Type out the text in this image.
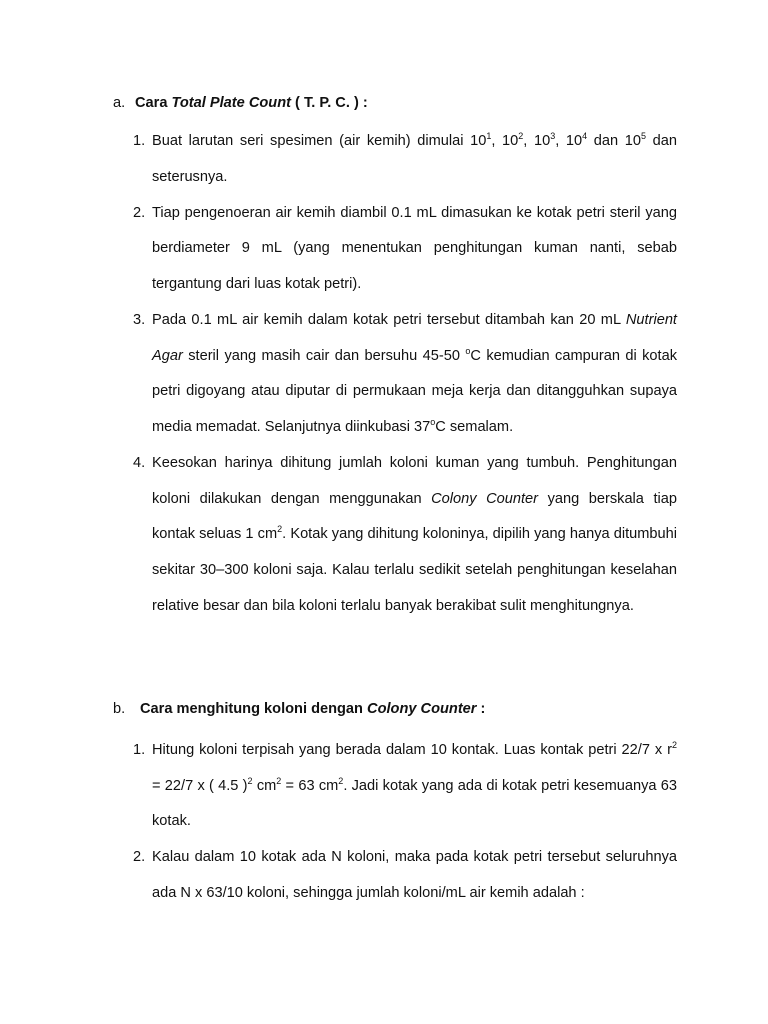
a. Cara Total Plate Count ( T. P. C. ) :
1. Buat larutan seri spesimen (air kemih) dimulai $10^1$, $10^2$, $10^3$, $10^4$ dan $10^5$ dan seterusnya.

2. Tiap pengenoeran air kemih diambil 0.1 mL dimasukan ke kotak petri steril yang berdiameter 9 mL (yang menentukan penghitungan kuman nanti, sebab tergantung dari luas kotak petri).

3. Pada 0.1 mL air kemih dalam kotak petri tersebut ditambah kan 20 mL Nutrient Agar steril yang masih cair dan bersuhu 45-50 $^o$C kemudian campuran di kotak petri digoyang atau diputar di permukaan meja kerja dan ditangguhkan supaya media memadat. Selanjutnya diinkubasi 37$^o$C semalam.

4. Keesokan harinya dihitung jumlah koloni kuman yang tumbuh. Penghitungan koloni dilakukan dengan menggunakan Colony Counter yang berskala tiap kontak seluas 1 $cm^2$. Kotak yang dihitung koloninya, dipilih yang hanya ditumbuhi sekitar 30–300 koloni saja. Kalau terlalu sedikit setelah penghitungan keselahan relative besar dan bila koloni terlalu banyak berakibat sulit menghitungnya.

b. Cara menghitung koloni dengan Colony Counter :
1. Hitung koloni terpisah yang berada dalam 10 kontak. Luas kontak petri 22/7 x $r^2 = 22/7$ x ( 4.5 )$^2$ $cm^2 = 63$ $cm^2$. Jadi kotak yang ada di kotak petri kesemuanya 63 kotak.

2. Kalau dalam 10 kotak ada N koloni, maka pada kotak petri tersebut seluruhnya ada N x 63/10 koloni, sehingga jumlah koloni/mL air kemih adalah :
